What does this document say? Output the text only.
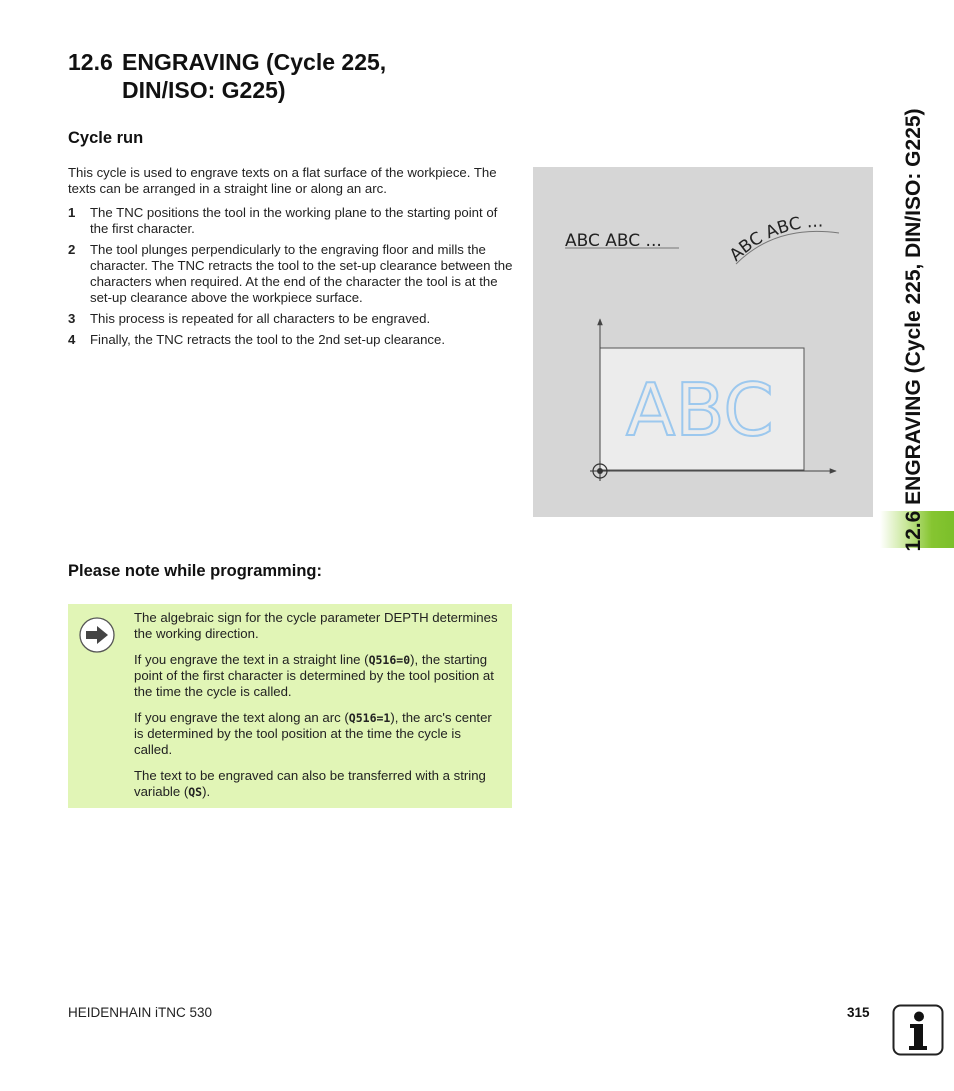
12.6 ENGRAVING (Cycle 225,
DIN/ISO: G225)
Cycle run

This cycle is used to engrave texts on a flat surface of the workpiece. The texts can be arranged in a straight line or along an arc.

1	The TNC positions the tool in the working plane to the starting point of the first character.
2	The tool plunges perpendicularly to the engraving floor and mills the character. The TNC retracts the tool to the set-up clearance between the characters when required. At the end of the character the tool is at the set-up clearance above the workpiece surface.
3	This process is repeated for all characters to be engraved.
4	Finally, the TNC retracts the tool to the 2nd set-up clearance.
ABC ABC ...
ABC ABC ...
ABC
Please note while programming:

The algebraic sign for the cycle parameter DEPTH determines the working direction.

If you engrave the text in a straight line (Q516=0), the starting point of the first character is determined by the tool position at the time the cycle is called.

If you engrave the text along an arc (Q516=1), the arc's center is determined by the tool position at the time the cycle is called.

The text to be engraved can also be transferred with a string variable (QS).

12.6 ENGRAVING (Cycle 225, DIN/ISO: G225)
HEIDENHAIN iTNC 530	315
